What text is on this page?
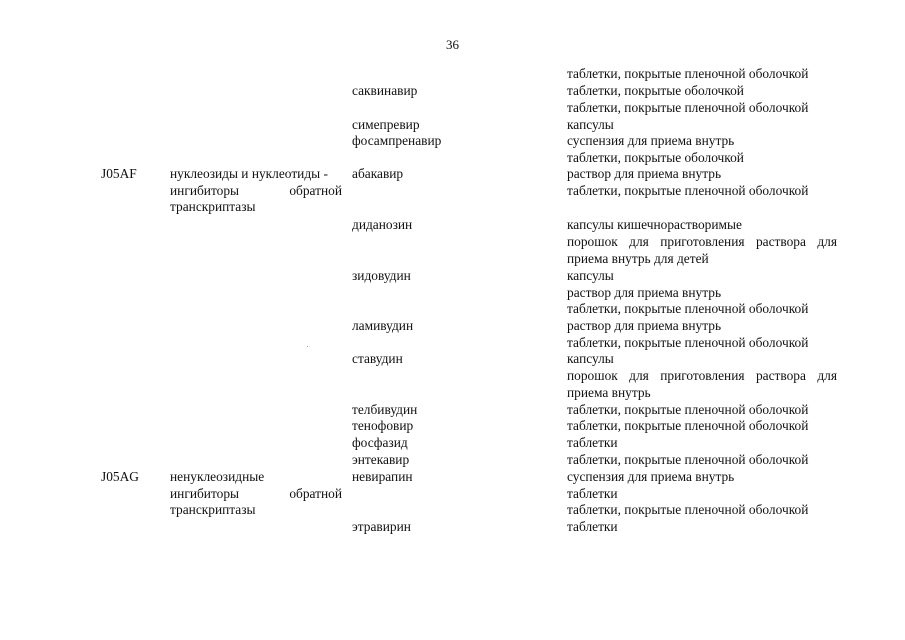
36
таблетки, покрытые пленочной оболочкой
саквинавир	таблетки, покрытые оболочкой
таблетки, покрытые пленочной оболочкой
симепревир	капсулы
фосампренавир	суспензия для приема внутрь
таблетки, покрытые оболочкой
J05AF нуклеозиды и нуклеотиды -
ингибиторы обратной
транскриптазы
абакавир	раствор для приема внутрь
таблетки, покрытые пленочной оболочкой
диданозин	капсулы кишечнорастворимые
порошок для приготовления раствора для
приема внутрь для детей
зидовудин	капсулы
раствор для приема внутрь
таблетки, покрытые пленочной оболочкой
ламивудин	раствор для приема внутрь
таблетки, покрытые пленочной оболочкой
ставудин	капсулы
порошок для приготовления раствора для
приема внутрь
телбивудин	таблетки, покрытые пленочной оболочкой
тенофовир	таблетки, покрытые пленочной оболочкой
фосфазид	таблетки
энтекавир	таблетки, покрытые пленочной оболочкой
J05AG ненуклеозидные
ингибиторы обратной
транскриптазы
невирапин	суспензия для приема внутрь
таблетки
таблетки, покрытые пленочной оболочкой
этравирин	таблетки
